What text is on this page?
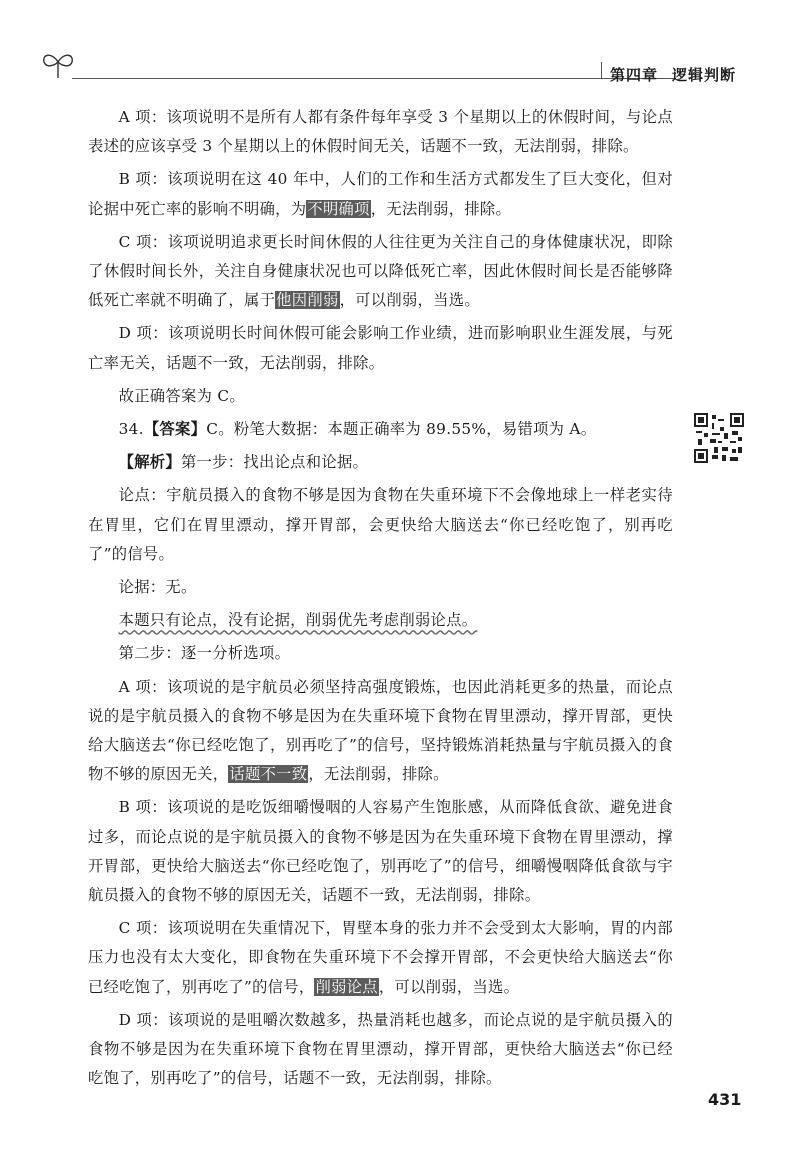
第四章 逻辑判断

A 项：该项说明不是所有人都有条件每年享受 3 个星期以上的休假时间，与论点表述的应该享受 3 个星期以上的休假时间无关，话题不一致，无法削弱，排除。

B 项：该项说明在这 40 年中，人们的工作和生活方式都发生了巨大变化，但对论据中死亡率的影响不明确，为不明确项，无法削弱，排除。

C 项：该项说明追求更长时间休假的人往往更为关注自己的身体健康状况，即除了休假时间长外，关注自身健康状况也可以降低死亡率，因此休假时间长是否能够降低死亡率就不明确了，属于他因削弱，可以削弱，当选。

D 项：该项说明长时间休假可能会影响工作业绩，进而影响职业生涯发展，与死亡率无关，话题不一致，无法削弱，排除。

故正确答案为 C。

34.【答案】C。粉笔大数据：本题正确率为 89.55%，易错项为 A。

【解析】第一步：找出论点和论据。

论点：宇航员摄入的食物不够是因为食物在失重环境下不会像地球上一样老实待在胃里，它们在胃里漂动，撑开胃部，会更快给大脑送去“你已经吃饱了，别再吃了”的信号。

论据：无。

本题只有论点，没有论据，削弱优先考虑削弱论点。

第二步：逐一分析选项。

A 项：该项说的是宇航员必须坚持高强度锻炼，也因此消耗更多的热量，而论点说的是宇航员摄入的食物不够是因为在失重环境下食物在胃里漂动，撑开胃部，更快给大脑送去“你已经吃饱了，别再吃了”的信号，坚持锻炼消耗热量与宇航员摄入的食物不够的原因无关，话题不一致，无法削弱，排除。

B 项：该项说的是吃饭细嚼慢咽的人容易产生饱胀感，从而降低食欲、避免进食过多，而论点说的是宇航员摄入的食物不够是因为在失重环境下食物在胃里漂动，撑开胃部，更快给大脑送去“你已经吃饱了，别再吃了”的信号，细嚼慢咽降低食欲与宇航员摄入的食物不够的原因无关，话题不一致，无法削弱，排除。

C 项：该项说明在失重情况下，胃壁本身的张力并不会受到太大影响，胃的内部压力也没有太大变化，即食物在失重环境下不会撑开胃部，不会更快给大脑送去“你已经吃饱了，别再吃了”的信号，削弱论点，可以削弱，当选。

D 项：该项说的是咀嚼次数越多，热量消耗也越多，而论点说的是宇航员摄入的食物不够是因为在失重环境下食物在胃里漂动，撑开胃部，更快给大脑送去“你已经吃饱了，别再吃了”的信号，话题不一致，无法削弱，排除。

431
